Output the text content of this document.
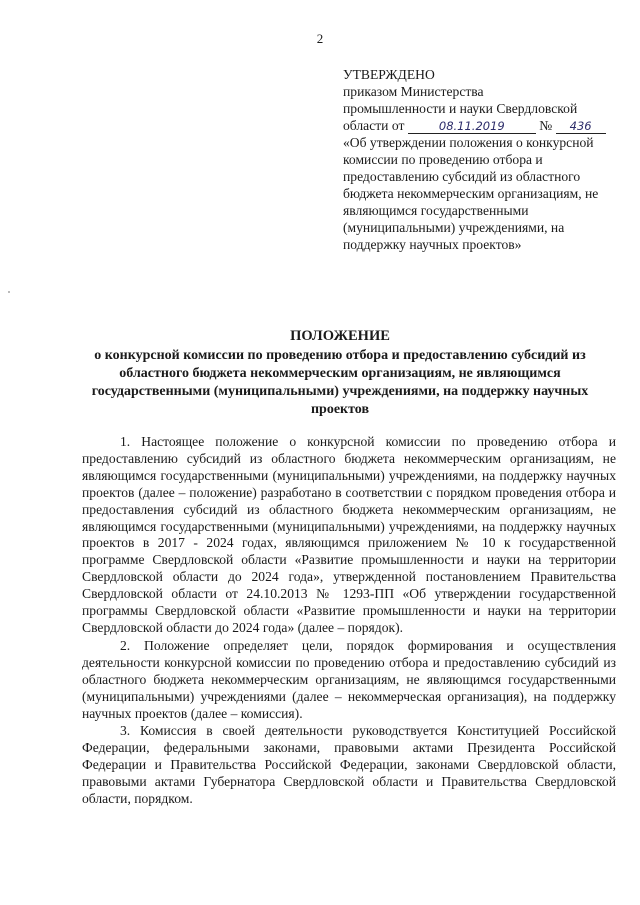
2
УТВЕРЖДЕНО
приказом Министерства
промышленности и науки Свердловской
области от	08.11.2019	№ 436
«Об утверждении положения о конкурсной комиссии по проведению отбора и предоставлению субсидий из областного бюджета некоммерческим организациям, не являющимся государственными (муниципальными) учреждениями, на поддержку научных проектов»
ПОЛОЖЕНИЕ
о конкурсной комиссии по проведению отбора и предоставлению субсидий из областного бюджета некоммерческим организациям, не являющимся государственными (муниципальными) учреждениями, на поддержку научных проектов

1. Настоящее положение о конкурсной комиссии по проведению отбора и предоставлению субсидий из областного бюджета некоммерческим организациям, не являющимся государственными (муниципальными) учреждениями, на поддержку научных проектов (далее – положение) разработано в соответствии с порядком проведения отбора и предоставления субсидий из областного бюджета некоммерческим организациям, не являющимся государственными (муниципальными) учреждениями, на поддержку научных проектов в 2017 - 2024 годах, являющимся приложением № 10 к государственной программе Свердловской области «Развитие промышленности и науки на территории Свердловской области до 2024 года», утвержденной постановлением Правительства Свердловской области от 24.10.2013 № 1293-ПП «Об утверждении государственной программы Свердловской области «Развитие промышленности и науки на территории Свердловской области до 2024 года» (далее – порядок).

2. Положение определяет цели, порядок формирования и осуществления деятельности конкурсной комиссии по проведению отбора и предоставлению субсидий из областного бюджета некоммерческим организациям, не являющимся государственными (муниципальными) учреждениями (далее – некоммерческая организация), на поддержку научных проектов (далее – комиссия).

3. Комиссия в своей деятельности руководствуется Конституцией Российской Федерации, федеральными законами, правовыми актами Президента Российской Федерации и Правительства Российской Федерации, законами Свердловской области, правовыми актами Губернатора Свердловской области и Правительства Свердловской области, порядком.
